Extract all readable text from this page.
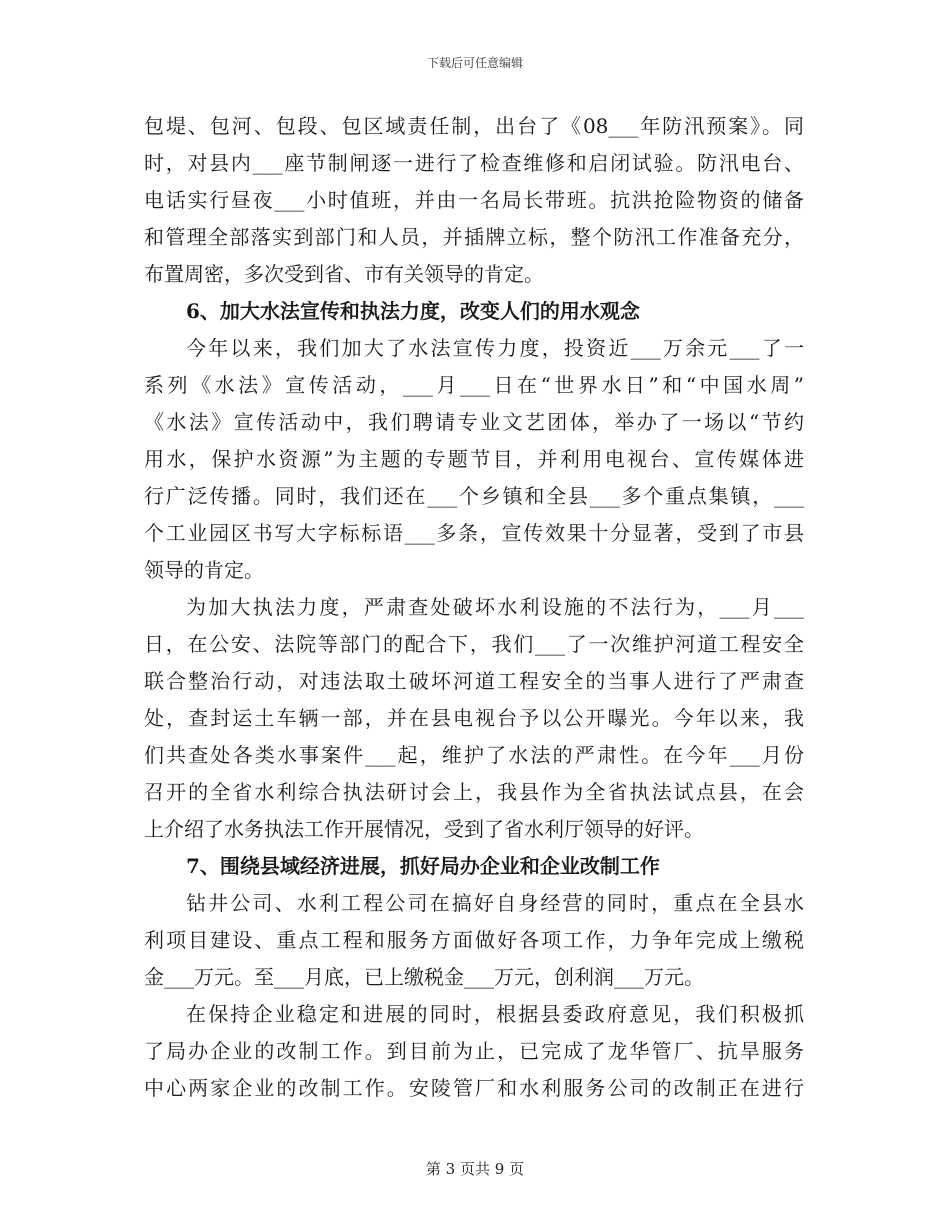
下载后可任意编辑
包堤、包河、包段、包区域责任制，出台了《08___年防汛预案》。同
时，对县内___座节制闸逐一进行了检查维修和启闭试验。防汛电台、
电话实行昼夜___小时值班，并由一名局长带班。抗洪抢险物资的储备
和管理全部落实到部门和人员，并插牌立标，整个防汛工作准备充分，
布置周密，多次受到省、市有关领导的肯定。
6、加大水法宣传和执法力度，改变人们的用水观念
今年以来，我们加大了水法宣传力度，投资近___万余元___了一
系列《水法》宣传活动，___月___日在“世界水日”和“中国水周”
《水法》宣传活动中，我们聘请专业文艺团体，举办了一场以“节约
用水，保护水资源”为主题的专题节目，并利用电视台、宣传媒体进
行广泛传播。同时，我们还在___个乡镇和全县___多个重点集镇，___
个工业园区书写大字标标语___多条，宣传效果十分显著，受到了市县
领导的肯定。
为加大执法力度，严肃查处破坏水利设施的不法行为，___月___
日，在公安、法院等部门的配合下，我们___了一次维护河道工程安全
联合整治行动，对违法取土破坏河道工程安全的当事人进行了严肃查
处，查封运土车辆一部，并在县电视台予以公开曝光。今年以来，我
们共查处各类水事案件___起，维护了水法的严肃性。在今年___月份
召开的全省水利综合执法研讨会上，我县作为全省执法试点县，在会
上介绍了水务执法工作开展情况，受到了省水利厅领导的好评。
7、围绕县域经济进展，抓好局办企业和企业改制工作
钻井公司、水利工程公司在搞好自身经营的同时，重点在全县水
利项目建设、重点工程和服务方面做好各项工作，力争年完成上缴税
金___万元。至___月底，已上缴税金___万元，创利润___万元。
在保持企业稳定和进展的同时，根据县委政府意见，我们积极抓
了局办企业的改制工作。到目前为止，已完成了龙华管厂、抗旱服务
中心两家企业的改制工作。安陵管厂和水利服务公司的改制正在进行
第 3 页共 9 页
